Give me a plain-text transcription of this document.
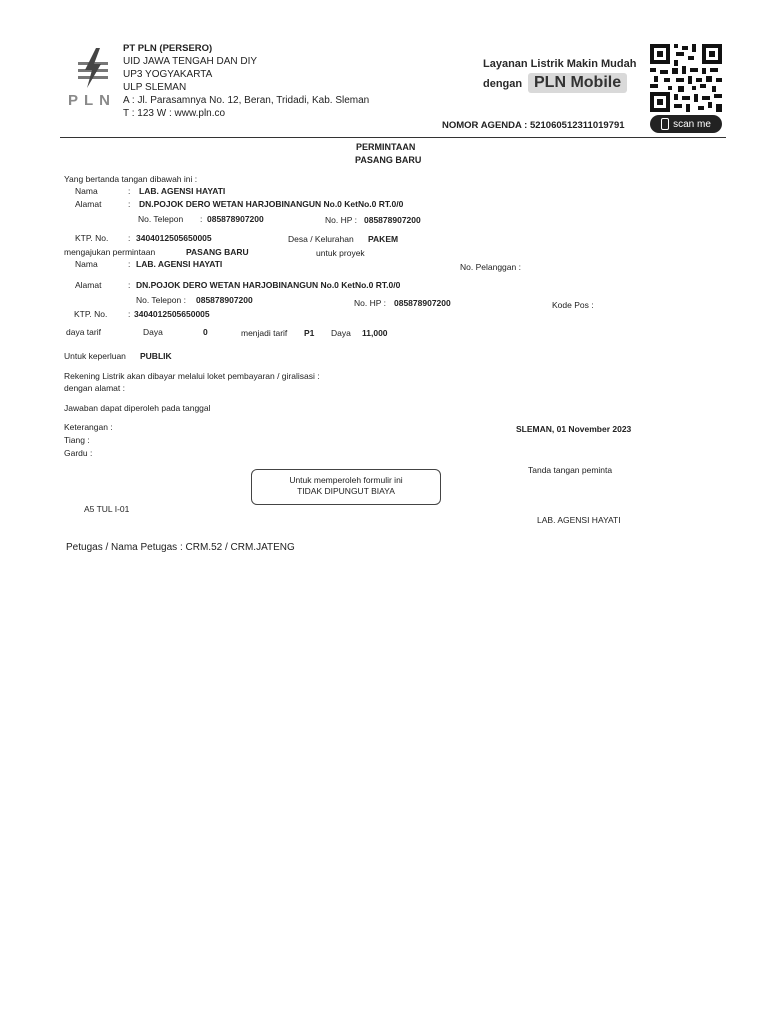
PLN
PT PLN (PERSERO)
UID JAWA TENGAH DAN DIY
UP3 YOGYAKARTA
ULP SLEMAN
A : Jl. Parasamnya No. 12, Beran, Tridadi, Kab. Sleman
T : 123 W : www.pln.co
Layanan Listrik Makin Mudah
dengan PLN Mobile
scan me
NOMOR AGENDA : 521060512311019791
PERMINTAAN
PASANG BARU
Yang bertanda tangan dibawah ini :
Nama	: LAB. AGENSI HAYATI
Alamat	: DN.POJOK DERO WETAN HARJOBINANGUN No.0 KetNo.0 RT.0/0
No. Telepon : 085878907200	No. HP : 085878907200
KTP. No. : 3404012505650005	Desa / Kelurahan PAKEM
mengajukan permintaan	PASANG BARU	untuk proyek
Nama	: LAB. AGENSI HAYATI	No. Pelanggan :
Alamat	: DN.POJOK DERO WETAN HARJOBINANGUN No.0 KetNo.0 RT.0/0
No. Telepon : 085878907200	No. HP : 085878907200	Kode Pos :
KTP. No. : 3404012505650005
daya tarif	Daya	0	menjadi tarif P1 Daya 11,000
Untuk keperluan PUBLIK
Rekening Listrik akan dibayar melalui loket pembayaran / giralisasi :
dengan alamat :
Jawaban dapat diperoleh pada tanggal
Keterangan :
Tiang :
Gardu :
SLEMAN, 01 November 2023
Tanda tangan peminta
Untuk memperoleh formulir ini
TIDAK DIPUNGUT BIAYA
A5 TUL I-01
LAB. AGENSI HAYATI
Petugas / Nama Petugas : CRM.52 / CRM.JATENG
